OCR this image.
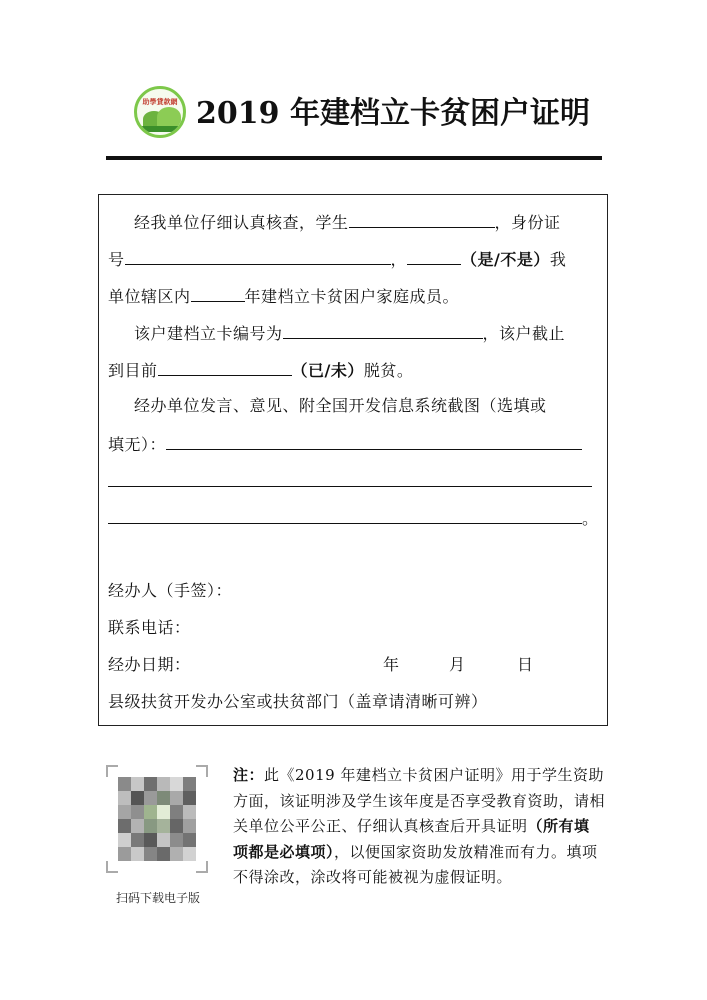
助學貸款網 2019 年建档立卡贫困户证明
经我单位仔细认真核查，学生	，身份证
号	，	（是/不是）我
单位辖区内	年建档立卡贫困户家庭成员。
该户建档立卡编号为	，该户截止
到目前	（已/未）脱贫。
经办单位发言、意见、附全国开发信息系统截图（选填或
填无）：
。
经办人（手签）：
联系电话：
经办日期：	年	月	日
县级扶贫开发办公室或扶贫部门（盖章请清晰可辨）
扫码下载电子版
注：此《2019 年建档立卡贫困户证明》用于学生资助方面，该证明涉及学生该年度是否享受教育资助，请相关单位公平公正、仔细认真核查后开具证明（所有填项都是必填项），以便国家资助发放精准而有力。填项不得涂改，涂改将可能被视为虚假证明。
